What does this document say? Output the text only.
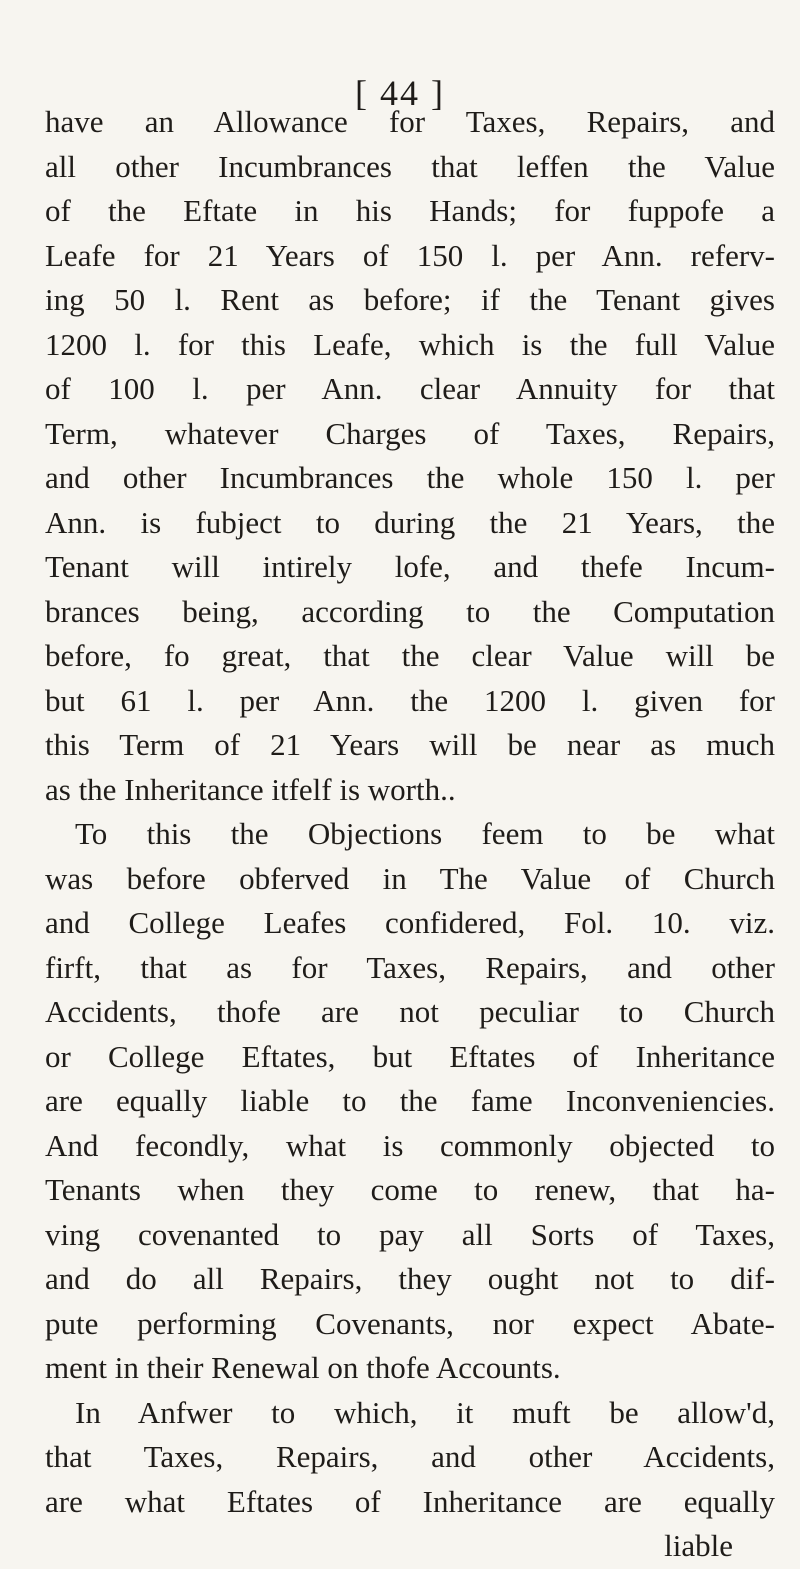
[ 44 ]
have an Allowance for Taxes, Repairs, and
all other Incumbrances that leffen the Value
of the Eftate in his Hands; for fuppofe a
Leafe for 21 Years of 150 l. per Ann. referv-
ing 50 l. Rent as before; if the Tenant gives
1200 l. for this Leafe, which is the full Value
of 100 l. per Ann. clear Annuity for that
Term, whatever Charges of Taxes, Repairs,
and other Incumbrances the whole 150 l. per
Ann. is fubject to during the 21 Years, the
Tenant will intirely lofe, and thefe Incum-
brances being, according to the Computation
before, fo great, that the clear Value will be
but 61 l. per Ann. the 1200 l. given for
this Term of 21 Years will be near as much
as the Inheritance itfelf is worth..
To this the Objections feem to be what
was before obferved in The Value of Church
and College Leafes confidered, Fol. 10. viz.
firft, that as for Taxes, Repairs, and other
Accidents, thofe are not peculiar to Church
or College Eftates, but Eftates of Inheritance
are equally liable to the fame Inconveniencies.
And fecondly, what is commonly objected to
Tenants when they come to renew, that ha-
ving covenanted to pay all Sorts of Taxes,
and do all Repairs, they ought not to dif-
pute performing Covenants, nor expect Abate-
ment in their Renewal on thofe Accounts.
In Anfwer to which, it muft be allow'd,
that Taxes, Repairs, and other Accidents,
are what Eftates of Inheritance are equally
liable
